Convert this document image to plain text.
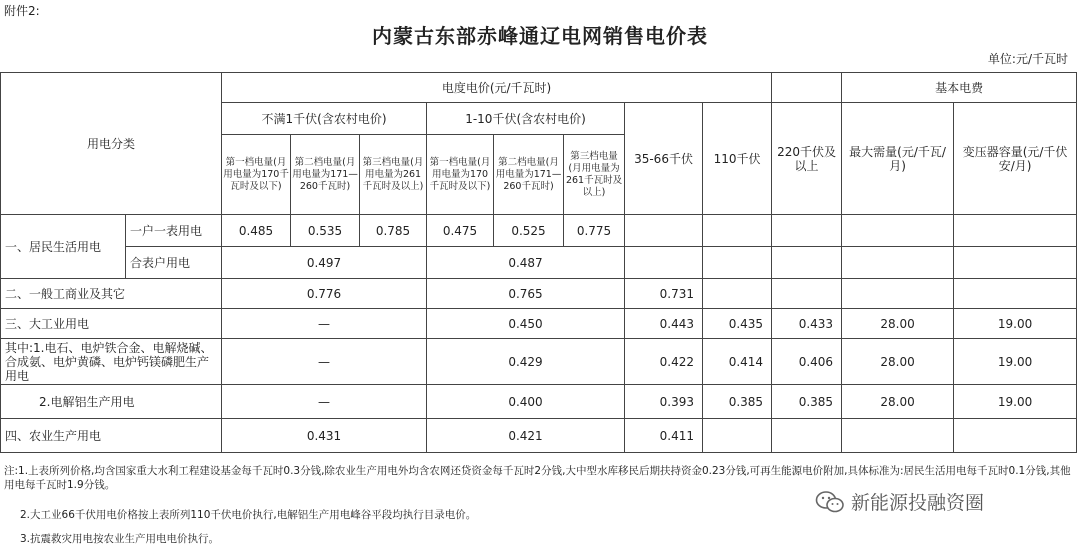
附件2:
内蒙古东部赤峰通辽电网销售电价表
单位:元/千瓦时
用电分类		电度电价(元/千瓦时)									基本电费	
		不满1千伏(含农村电价)			1-10千伏(含农村电价)			35-66千伏	110千伏	220千伏及以上	最大需量(元/千瓦/月)	变压器容量(元/千伏安/月)
		第一档电量(月用电量为170千瓦时及以下)	第二档电量(月用电量为171—260千瓦时)	第三档电量(月用电量为261千瓦时及以上)	第一档电量(月用电量为170千瓦时及以下)	第二档电量(月用电量为171—260千瓦时)	第三档电量(月用电量为261千瓦时及以上)					
一、居民生活用电	一户一表用电	0.485	0.535	0.785	0.475	0.525	0.775					
	合表户用电	0.497			0.487							
二、一般工商业及其它		0.776			0.765			0.731				
三、大工业用电		—			0.450			0.443	0.435	0.433	28.00	19.00
其中:1.电石、电炉铁合金、电解烧碱、合成氨、电炉黄磷、电炉钙镁磷肥生产用电		—			0.429			0.422	0.414	0.406	28.00	19.00
2.电解铝生产用电		—			0.400			0.393	0.385	0.385	28.00	19.00
四、农业生产用电		0.431			0.421			0.411				
注:1.上表所列价格,均含国家重大水利工程建设基金每千瓦时0.3分钱,除农业生产用电外均含农网还贷资金每千瓦时2分钱,大中型水库移民后期扶持资金0.23分钱,可再生能源电价附加,具体标准为:居民生活用电每千瓦时0.1分钱,其他用电每千瓦时1.9分钱。
2.大工业66千伏用电价格按上表所列110千伏电价执行,电解铝生产用电峰谷平段均执行目录电价。
3.抗震救灾用电按农业生产用电电价执行。
新能源投融资圈
